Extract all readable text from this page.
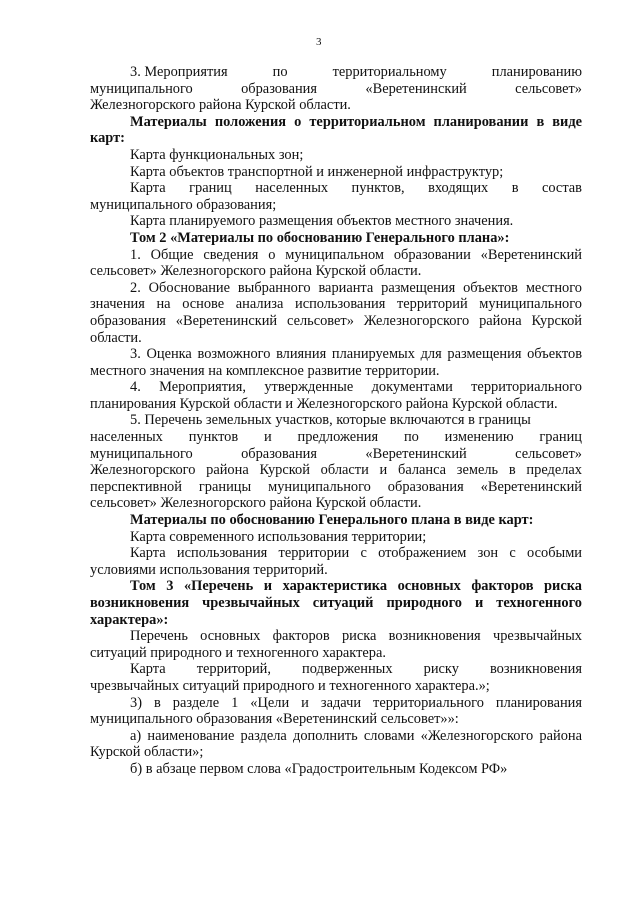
3
3. Мероприятия	по	территориальному	планированию
муниципального	образования	«Веретенинский	сельсовет»

Железногорского района Курской области.

Материалы положения о территориальном планировании в виде карт:

Карта функциональных зон;

Карта объектов транспортной и инженерной инфраструктур;

Карта границ населенных пунктов, входящих в состав

муниципального образования;

Карта планируемого размещения объектов местного значения.

Том 2 «Материалы по обоснованию Генерального плана»:

1. Общие сведения о муниципальном образовании «Веретенинский сельсовет» Железногорского района Курской области.

2. Обоснование выбранного варианта размещения объектов местного значения на основе анализа использования территорий муниципального образования «Веретенинский сельсовет» Железногорского района Курской области.

3. Оценка возможного влияния планируемых для размещения объектов местного значения на комплексное развитие территории.

4. Мероприятия, утвержденные документами территориального планирования Курской области и Железногорского района Курской области.

5. Перечень земельных участков, которые включаются в границы

населенных пунктов и предложения по изменению границ
муниципального	образования	«Веретенинский	сельсовет»

Железногорского района Курской области и баланса земель в пределах перспективной границы муниципального образования «Веретенинский сельсовет» Железногорского района Курской области.

Материалы по обоснованию Генерального плана в виде карт:

Карта современного использования территории;

Карта использования территории с отображением зон с особыми условиями использования территорий.

Том 3 «Перечень и характеристика основных факторов риска возникновения чрезвычайных ситуаций природного и техногенного характера»:

Перечень основных факторов риска возникновения чрезвычайных ситуаций природного и техногенного характера.

Карта территорий, подверженных риску возникновения

чрезвычайных ситуаций природного и техногенного характера.»;

3) в разделе 1 «Цели и задачи территориального планирования муниципального образования «Веретенинский сельсовет»»:

а) наименование раздела дополнить словами «Железногорского района Курской области»;

б) в абзаце первом слова «Градостроительным Кодексом РФ»
